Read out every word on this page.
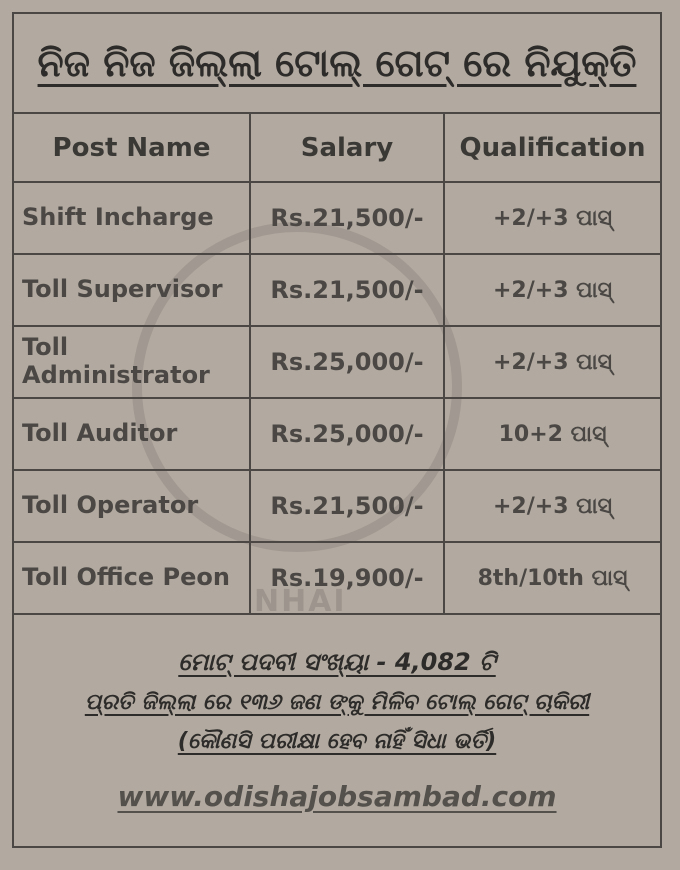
NHAI
ନିଜ ନିଜ ଜିଲ୍ଲା ଟୋଲ୍ ଗେଟ୍ ରେ ନିଯୁକ୍ତି
Post Name	Salary	Qualification
Shift Incharge	Rs.21,500/-	+2/+3 ପାସ୍
Toll Supervisor	Rs.21,500/-	+2/+3 ପାସ୍
Toll Administrator	Rs.25,000/-	+2/+3 ପାସ୍
Toll Auditor	Rs.25,000/-	10+2 ପାସ୍
Toll Operator	Rs.21,500/-	+2/+3 ପାସ୍
Toll Office Peon	Rs.19,900/-	8th/10th ପାସ୍
ମୋଟ୍ ପଦବୀ ସଂଖ୍ୟା - 4,082 ଟି
ପ୍ରତି ଜିଲ୍ଲା ରେ ୧୩୬ ଜଣ ଙ୍କୁ ମିଳିବ ଟୋଲ୍ ଗେଟ୍ ଚାକିରୀ
(କୌଣସି ପରୀକ୍ଷା ହେବ ନାହିଁ ସିଧା ଭର୍ତି)
www.odishajobsambad.com
